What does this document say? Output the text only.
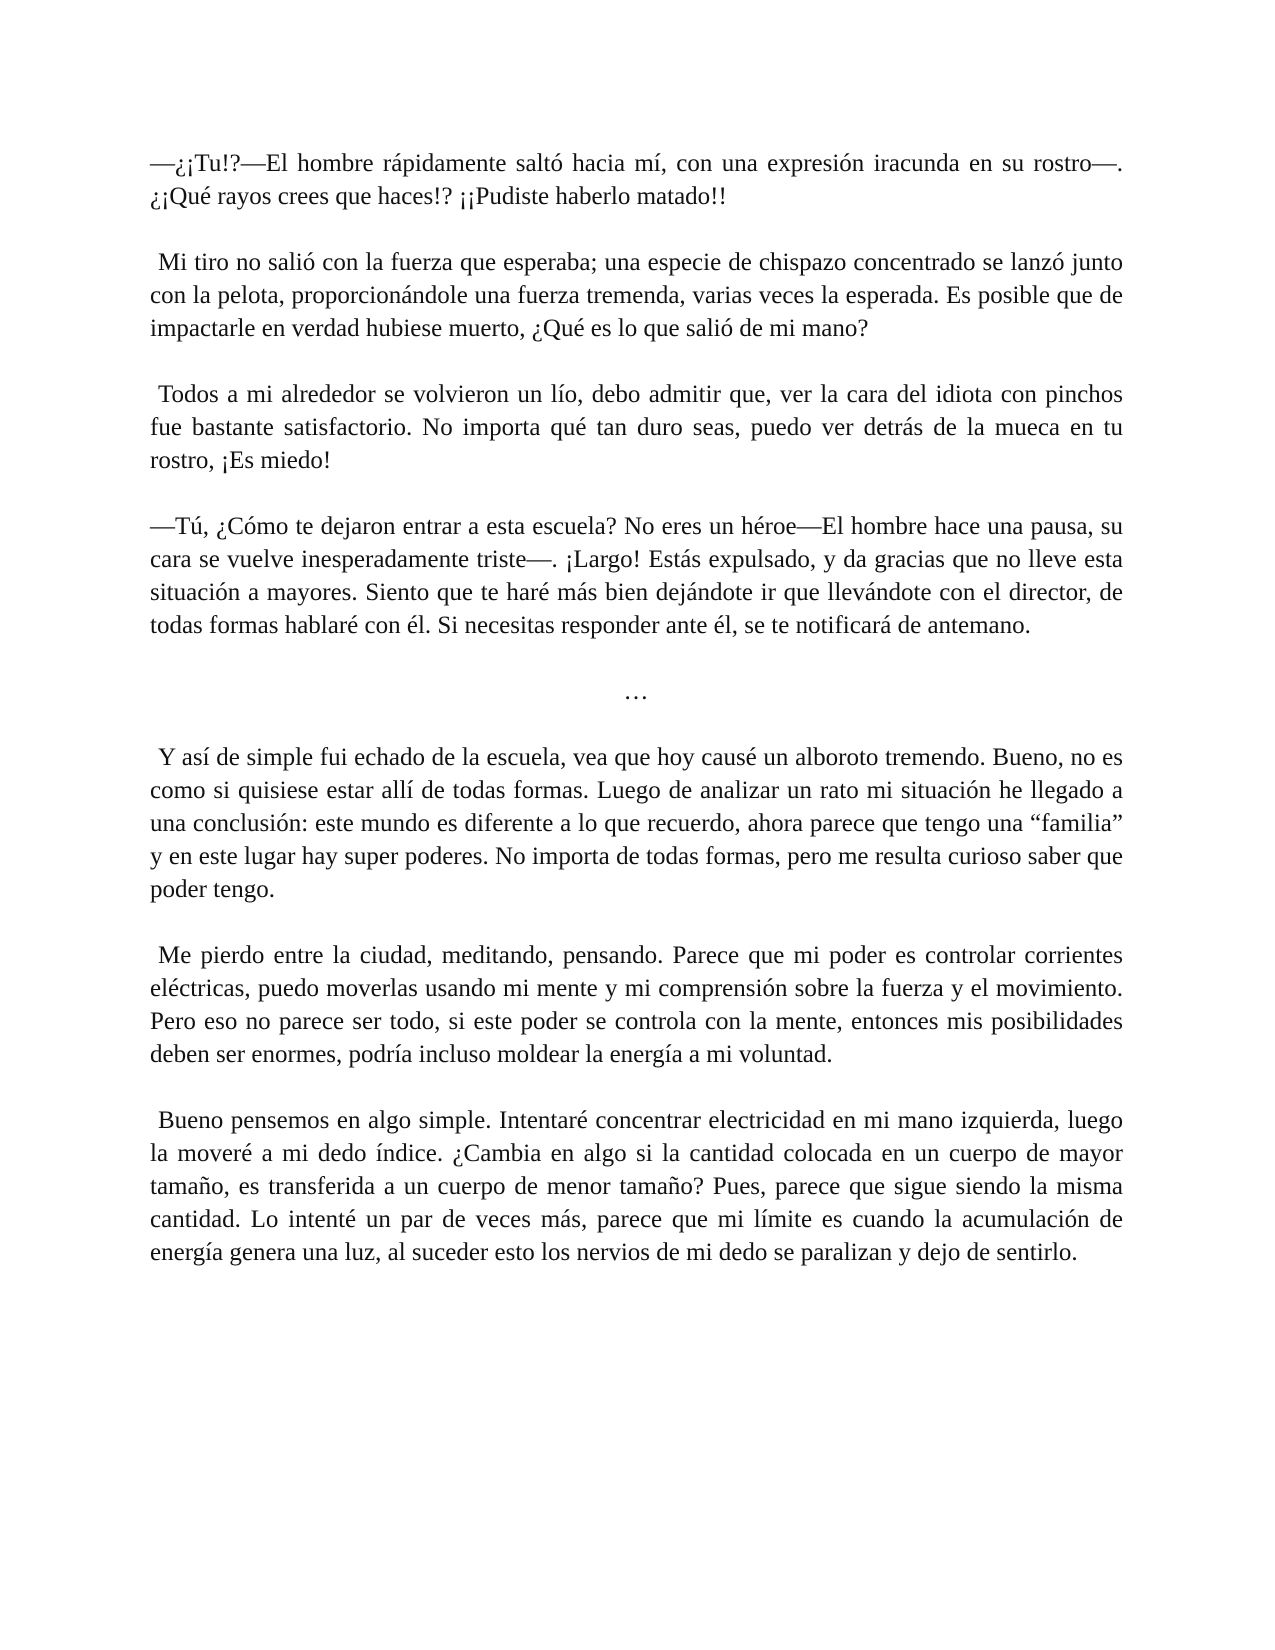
—¿¡Tu!?—El hombre rápidamente saltó hacia mí, con una expresión iracunda en su rostro—. ¿¡Qué rayos crees que haces!? ¡¡Pudiste haberlo matado!!

Mi tiro no salió con la fuerza que esperaba; una especie de chispazo concentrado se lanzó junto con la pelota, proporcionándole una fuerza tremenda, varias veces la esperada. Es posible que de impactarle en verdad hubiese muerto, ¿Qué es lo que salió de mi mano?

Todos a mi alrededor se volvieron un lío, debo admitir que, ver la cara del idiota con pinchos fue bastante satisfactorio. No importa qué tan duro seas, puedo ver detrás de la mueca en tu rostro, ¡Es miedo!

—Tú, ¿Cómo te dejaron entrar a esta escuela? No eres un héroe—El hombre hace una pausa, su cara se vuelve inesperadamente triste—. ¡Largo! Estás expulsado, y da gracias que no lleve esta situación a mayores. Siento que te haré más bien dejándote ir que llevándote con el director, de todas formas hablaré con él. Si necesitas responder ante él, se te notificará de antemano.

…

Y así de simple fui echado de la escuela, vea que hoy causé un alboroto tremendo. Bueno, no es como si quisiese estar allí de todas formas. Luego de analizar un rato mi situación he llegado a una conclusión: este mundo es diferente a lo que recuerdo, ahora parece que tengo una “familia” y en este lugar hay super poderes. No importa de todas formas, pero me resulta curioso saber que poder tengo.

Me pierdo entre la ciudad, meditando, pensando. Parece que mi poder es controlar corrientes eléctricas, puedo moverlas usando mi mente y mi comprensión sobre la fuerza y el movimiento. Pero eso no parece ser todo, si este poder se controla con la mente, entonces mis posibilidades deben ser enormes, podría incluso moldear la energía a mi voluntad.

Bueno pensemos en algo simple. Intentaré concentrar electricidad en mi mano izquierda, luego la moveré a mi dedo índice. ¿Cambia en algo si la cantidad colocada en un cuerpo de mayor tamaño, es transferida a un cuerpo de menor tamaño? Pues, parece que sigue siendo la misma cantidad. Lo intenté un par de veces más, parece que mi límite es cuando la acumulación de energía genera una luz, al suceder esto los nervios de mi dedo se paralizan y dejo de sentirlo.
